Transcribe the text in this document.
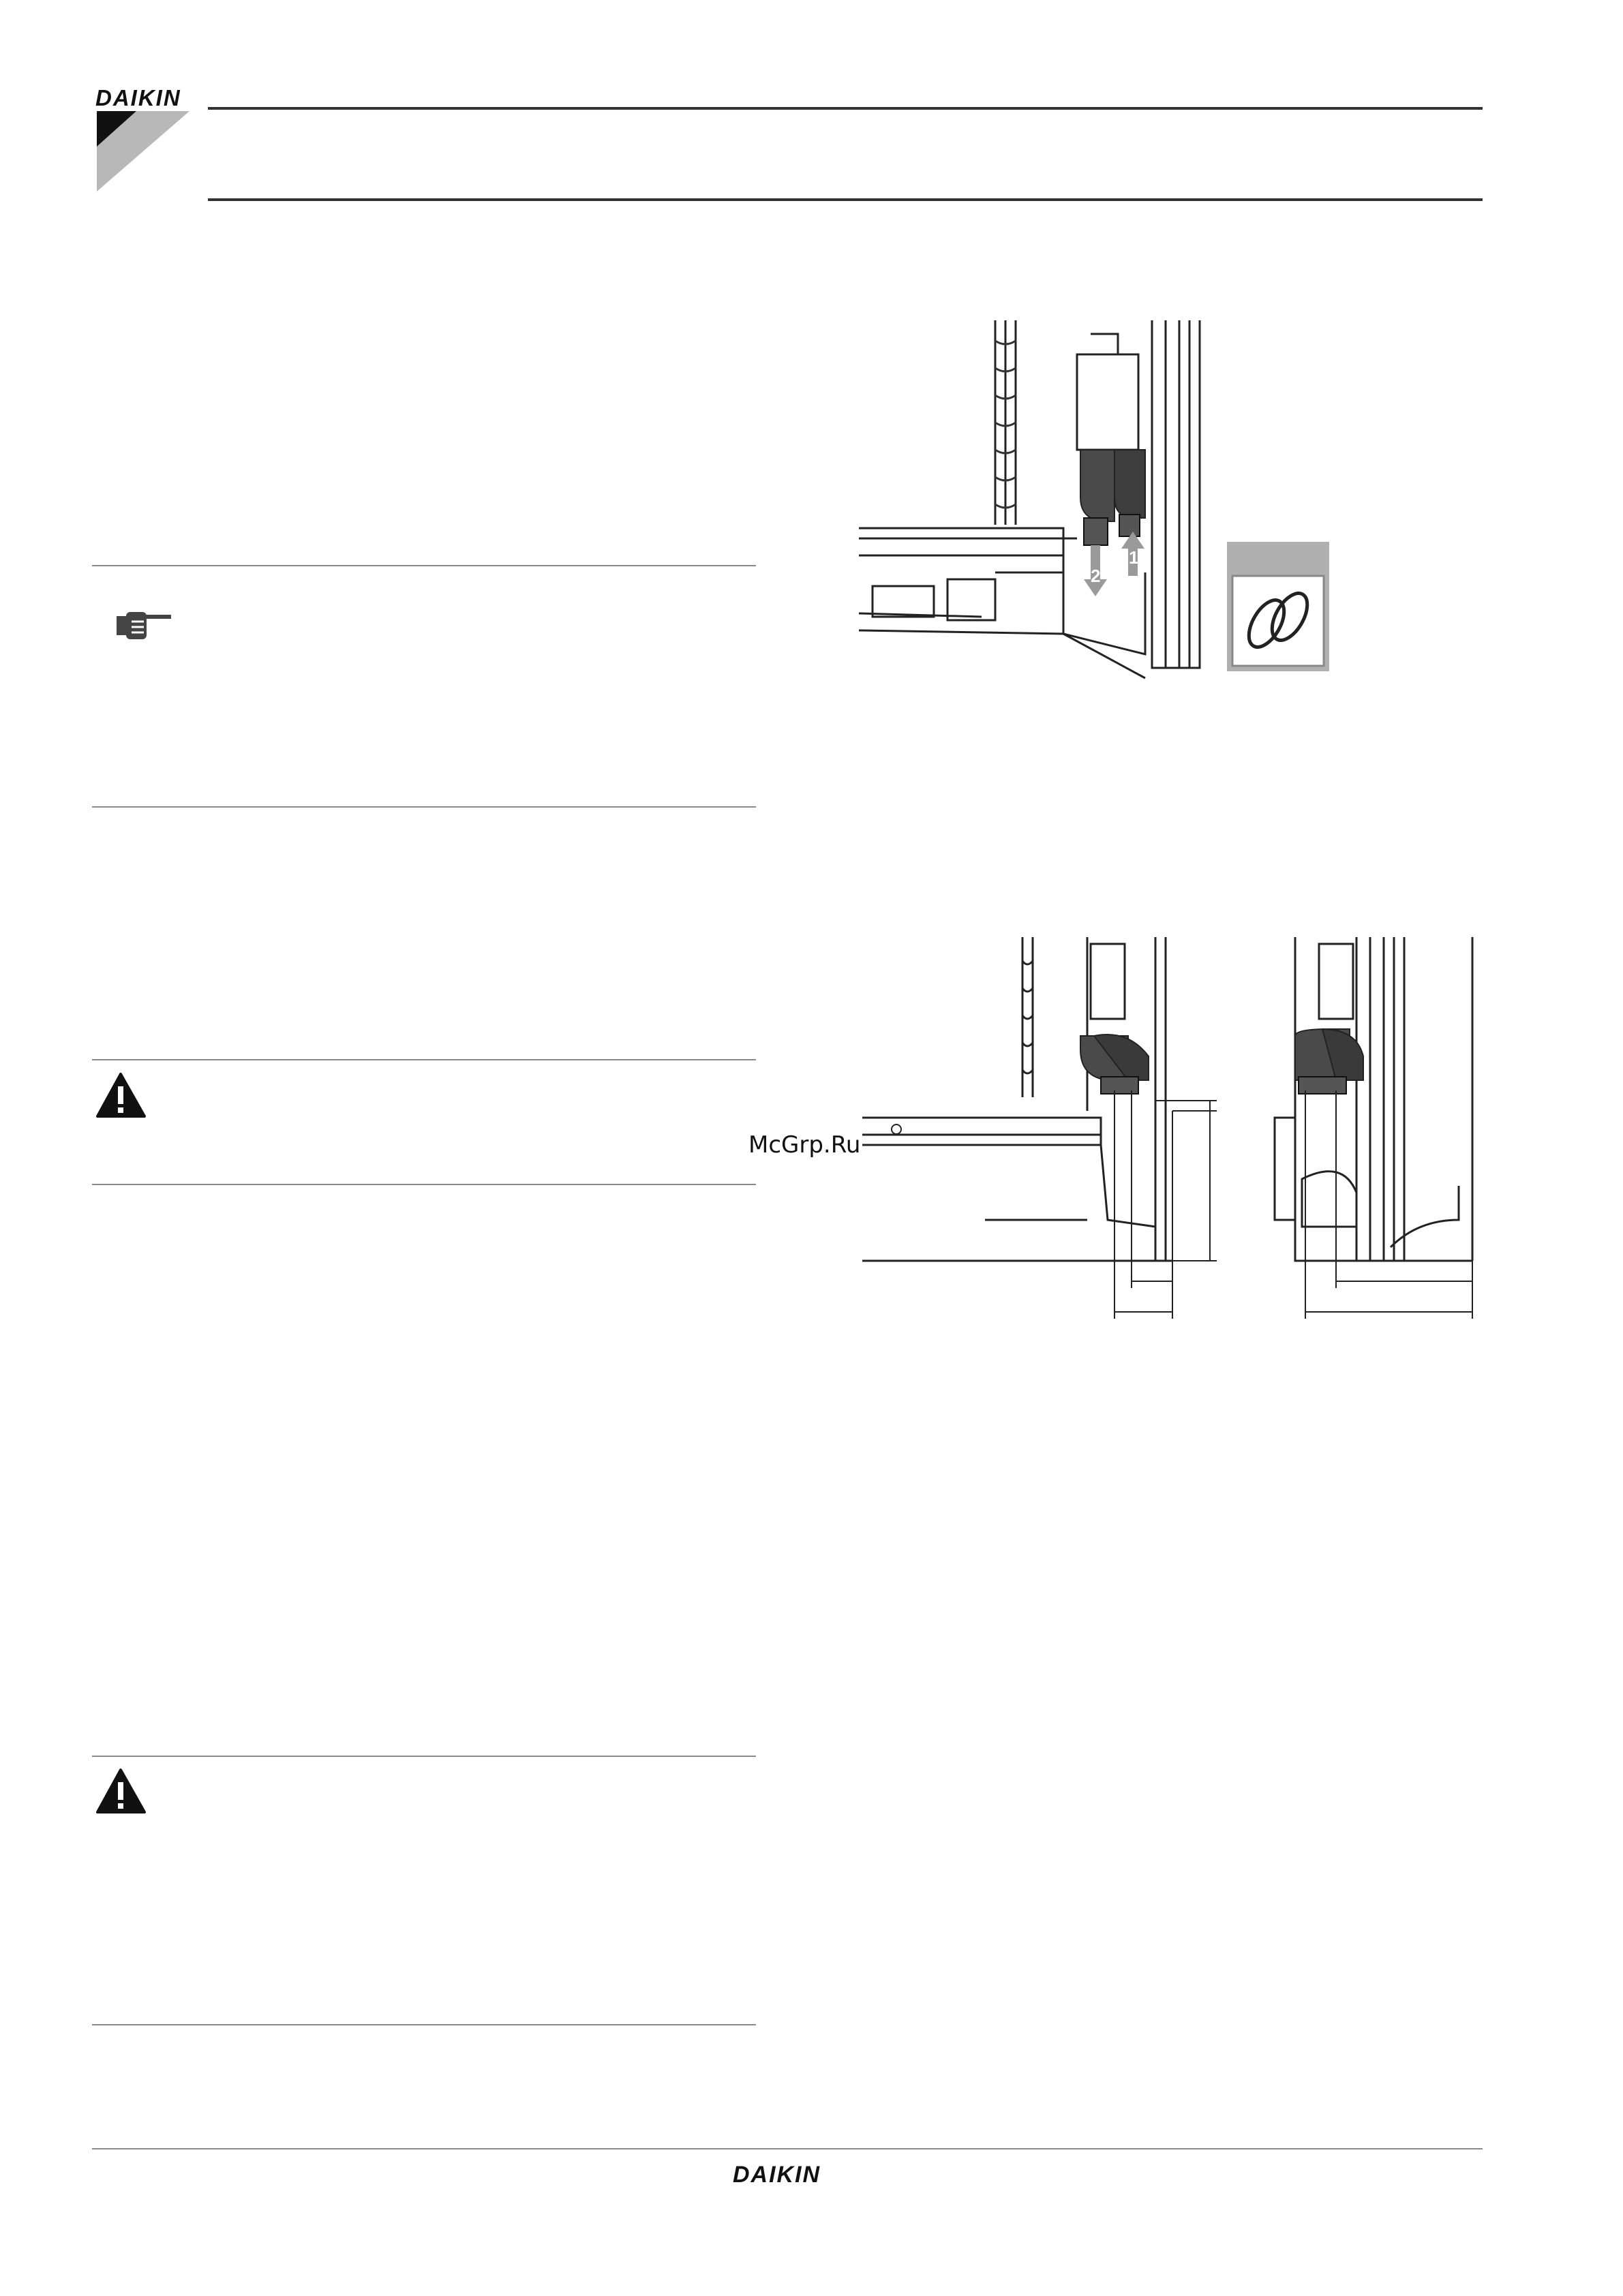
DAIKIN
1
2
McGrp.Ru
DAIKIN
